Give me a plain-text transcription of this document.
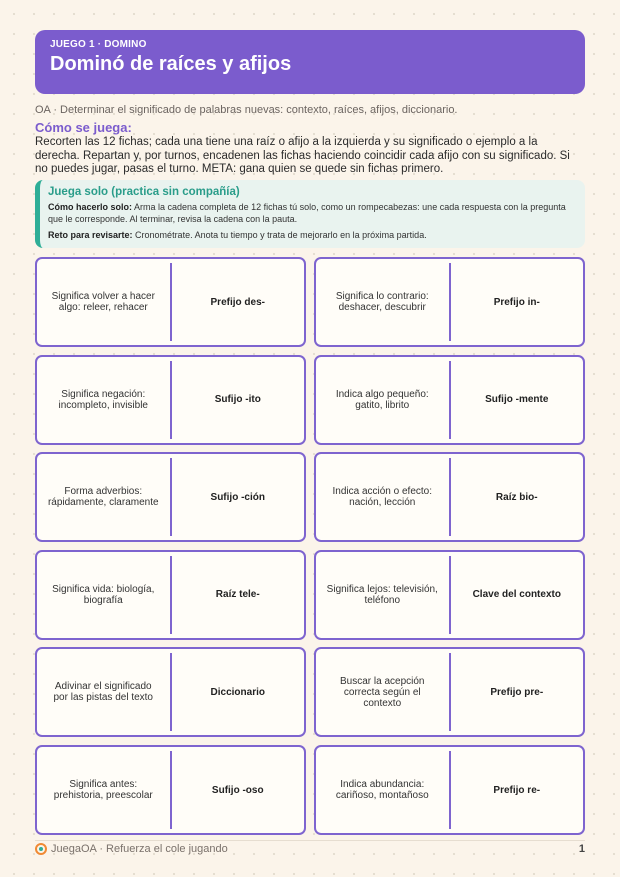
JUEGO 1 · DOMINO
Dominó de raíces y afijos
OA · Determinar el significado de palabras nuevas: contexto, raíces, afijos, diccionario.
Cómo se juega:
Recorten las 12 fichas; cada una tiene una raíz o afijo a la izquierda y su significado o ejemplo a la derecha. Repartan y, por turnos, encadenen las fichas haciendo coincidir cada afijo con su significado. Si no puedes jugar, pasas el turno. META: gana quien se quede sin fichas primero.
Juega solo (practica sin compañía)
Cómo hacerlo solo: Arma la cadena completa de 12 fichas tú solo, como un rompecabezas: une cada respuesta con la pregunta que le corresponde. Al terminar, revisa la cadena con la pauta.
Reto para revisarte: Cronométrate. Anota tu tiempo y trata de mejorarlo en la próxima partida.
Significa volver a hacer algo: releer, rehacer	Prefijo des-	Significa lo contrario: deshacer, descubrir	Prefijo in-
Significa negación: incompleto, invisible	Sufijo -ito	Indica algo pequeño: gatito, librito	Sufijo -mente
Forma adverbios: rápidamente, claramente	Sufijo -ción	Indica acción o efecto: nación, lección	Raíz bio-
Significa vida: biología, biografía	Raíz tele-	Significa lejos: televisión, teléfono	Clave del contexto
Adivinar el significado por las pistas del texto	Diccionario
Buscar la acepción correcta según el contexto
Prefijo pre-
Significa antes: prehistoria, preescolar	Sufijo -oso	Indica abundancia: cariñoso, montañoso	Prefijo re-
JuegaOA · Refuerza el cole jugando	1
